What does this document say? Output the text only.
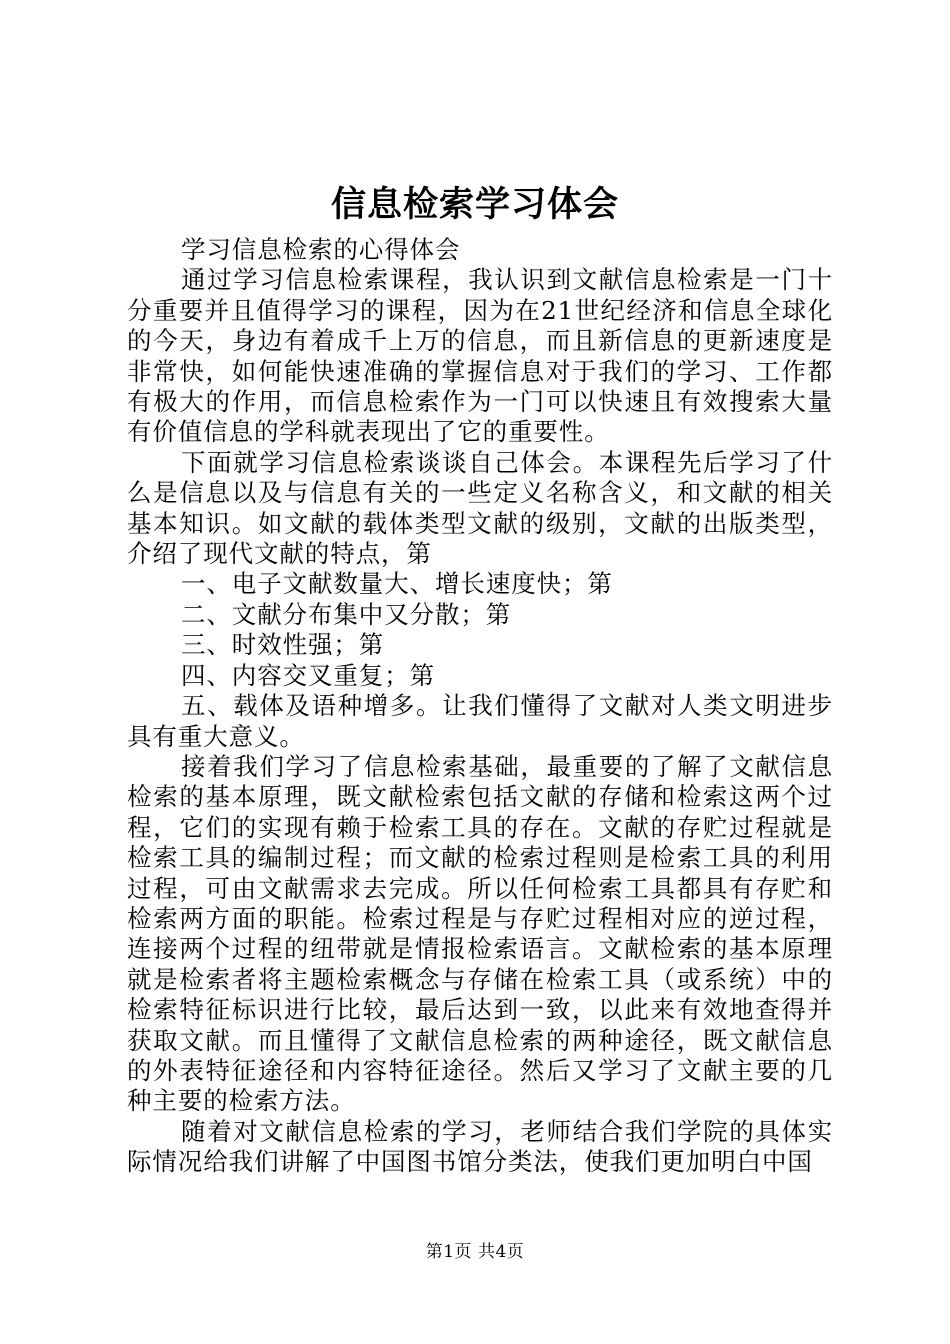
信息检索学习体会

学习信息检索的心得体会

通过学习信息检索课程，我认识到文献信息检索是一门十分重要并且值得学习的课程，因为在21世纪经济和信息全球化的今天，身边有着成千上万的信息，而且新信息的更新速度是非常快，如何能快速准确的掌握信息对于我们的学习、工作都有极大的作用，而信息检索作为一门可以快速且有效搜索大量有价值信息的学科就表现出了它的重要性。

下面就学习信息检索谈谈自己体会。本课程先后学习了什么是信息以及与信息有关的一些定义名称含义，和文献的相关基本知识。如文献的载体类型文献的级别，文献的出版类型，介绍了现代文献的特点，第

一、电子文献数量大、增长速度快；第

二、文献分布集中又分散；第

三、时效性强；第

四、内容交叉重复；第

五、载体及语种增多。让我们懂得了文献对人类文明进步具有重大意义。

接着我们学习了信息检索基础，最重要的了解了文献信息检索的基本原理，既文献检索包括文献的存储和检索这两个过程，它们的实现有赖于检索工具的存在。文献的存贮过程就是检索工具的编制过程；而文献的检索过程则是检索工具的利用过程，可由文献需求去完成。所以任何检索工具都具有存贮和检索两方面的职能。检索过程是与存贮过程相对应的逆过程，连接两个过程的纽带就是情报检索语言。文献检索的基本原理就是检索者将主题检索概念与存储在检索工具（或系统）中的检索特征标识进行比较，最后达到一致，以此来有效地查得并获取文献。而且懂得了文献信息检索的两种途径，既文献信息的外表特征途径和内容特征途径。然后又学习了文献主要的几种主要的检索方法。

随着对文献信息检索的学习，老师结合我们学院的具体实际情况给我们讲解了中国图书馆分类法，使我们更加明白中国

第1页 共4页
